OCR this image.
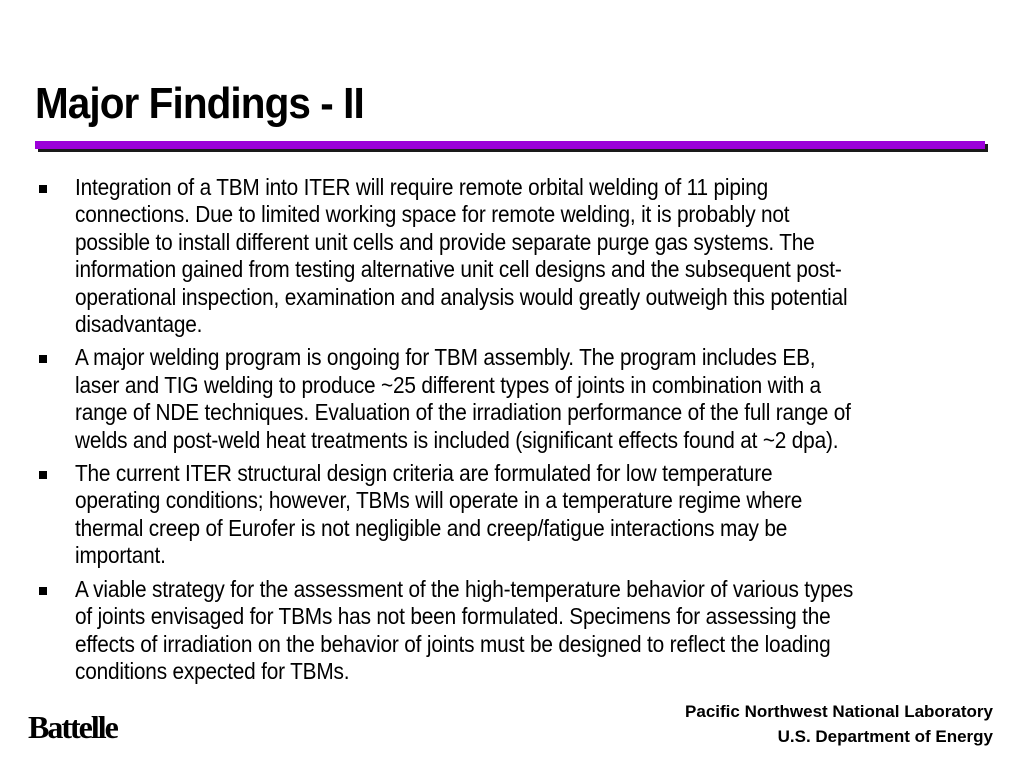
Major Findings - II
Integration of a TBM into ITER will require remote orbital welding of 11 piping
connections. Due to limited working space for remote welding, it is probably not
possible to install different unit cells and provide separate purge gas systems. The
information gained from testing alternative unit cell designs and the subsequent post-
operational inspection, examination and analysis would greatly outweigh this potential
disadvantage.
A major welding program is ongoing for TBM assembly. The program includes EB,
laser and TIG welding to produce ~25 different types of joints in combination with a
range of NDE techniques. Evaluation of the irradiation performance of the full range of
welds and post-weld heat treatments is included (significant effects found at ~2 dpa).
The current ITER structural design criteria are formulated for low temperature
operating conditions; however, TBMs will operate in a temperature regime where
thermal creep of Eurofer is not negligible and creep/fatigue interactions may be
important.
A viable strategy for the assessment of the high-temperature behavior of various types
of joints envisaged for TBMs has not been formulated. Specimens for assessing the
effects of irradiation on the behavior of joints must be designed to reflect the loading
conditions expected for TBMs.
Battelle	Pacific Northwest National Laboratory
U.S. Department of Energy
